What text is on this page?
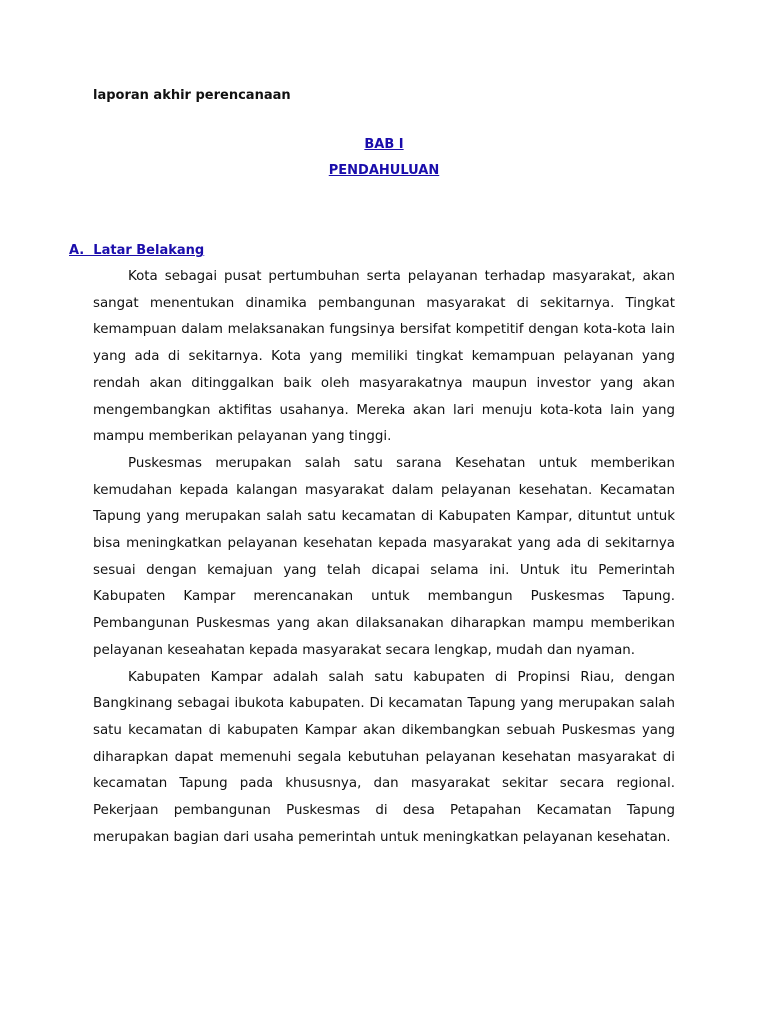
laporan akhir perencanaan
BAB I
PENDAHULUAN
A.  Latar Belakang

Kota sebagai pusat pertumbuhan serta pelayanan terhadap masyarakat, akan sangat menentukan dinamika pembangunan masyarakat di sekitarnya. Tingkat kemampuan dalam melaksanakan fungsinya bersifat kompetitif dengan kota-kota lain yang ada di sekitarnya. Kota yang memiliki tingkat kemampuan pelayanan yang rendah akan ditinggalkan baik oleh masyarakatnya maupun investor yang akan mengembangkan aktifitas usahanya. Mereka akan lari menuju kota-kota lain yang mampu memberikan pelayanan yang tinggi.

Puskesmas merupakan salah satu sarana Kesehatan untuk memberikan kemudahan kepada kalangan masyarakat dalam pelayanan kesehatan. Kecamatan Tapung yang merupakan salah satu kecamatan di Kabupaten Kampar, dituntut untuk bisa meningkatkan pelayanan kesehatan kepada masyarakat yang ada di sekitarnya sesuai dengan kemajuan yang telah dicapai selama ini. Untuk itu Pemerintah Kabupaten Kampar merencanakan untuk membangun Puskesmas Tapung. Pembangunan Puskesmas yang akan dilaksanakan diharapkan mampu memberikan pelayanan keseahatan kepada masyarakat secara lengkap, mudah dan nyaman.

Kabupaten Kampar adalah salah satu kabupaten di Propinsi Riau, dengan Bangkinang sebagai ibukota kabupaten. Di kecamatan Tapung yang merupakan salah satu kecamatan di kabupaten Kampar akan dikembangkan sebuah Puskesmas yang diharapkan dapat memenuhi segala kebutuhan pelayanan kesehatan masyarakat di kecamatan Tapung pada khususnya, dan masyarakat sekitar secara regional. Pekerjaan pembangunan Puskesmas di desa Petapahan Kecamatan Tapung merupakan bagian dari usaha pemerintah untuk meningkatkan pelayanan kesehatan.
